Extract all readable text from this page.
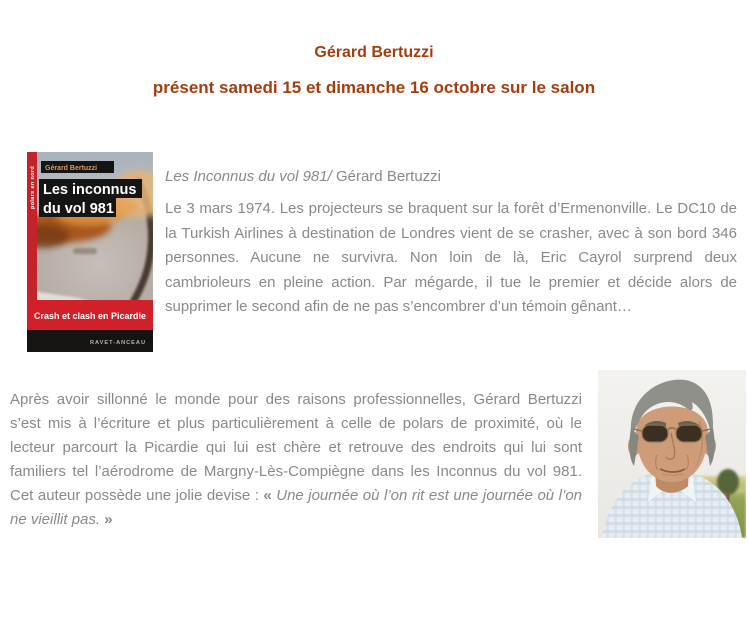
Gérard Bertuzzi
présent samedi 15 et dimanche 16 octobre sur le salon
polars en nord Gérard Bertuzzi
Les inconnus
du vol 981
Crash et clash en Picardie
RAVET-ANCEAU
Les Inconnus du vol 981/ Gérard Bertuzzi

Le 3 mars 1974. Les projecteurs se braquent sur la forêt d’Ermenonville. Le DC10 de la Turkish Airlines à destination de Londres vient de se crasher, avec à son bord 346 personnes. Aucune ne survivra. Non loin de là, Eric Cayrol surprend deux cambrioleurs en pleine action. Par mégarde, il tue le premier et décide alors de supprimer le second afin de ne pas s’encombrer d’un témoin gênant…

Après avoir sillonné le monde pour des raisons professionnelles, Gérard Bertuzzi s’est mis à l’écriture et plus particulièrement à celle de polars de proximité, où le lecteur parcourt la Picardie qui lui est chère et retrouve des endroits qui lui sont familiers tel l’aérodrome de Margny-Lès-Compiègne dans les Inconnus du vol 981. Cet auteur possède une jolie devise : « Une journée où l’on rit est une journée où l’on ne vieillit pas. »
